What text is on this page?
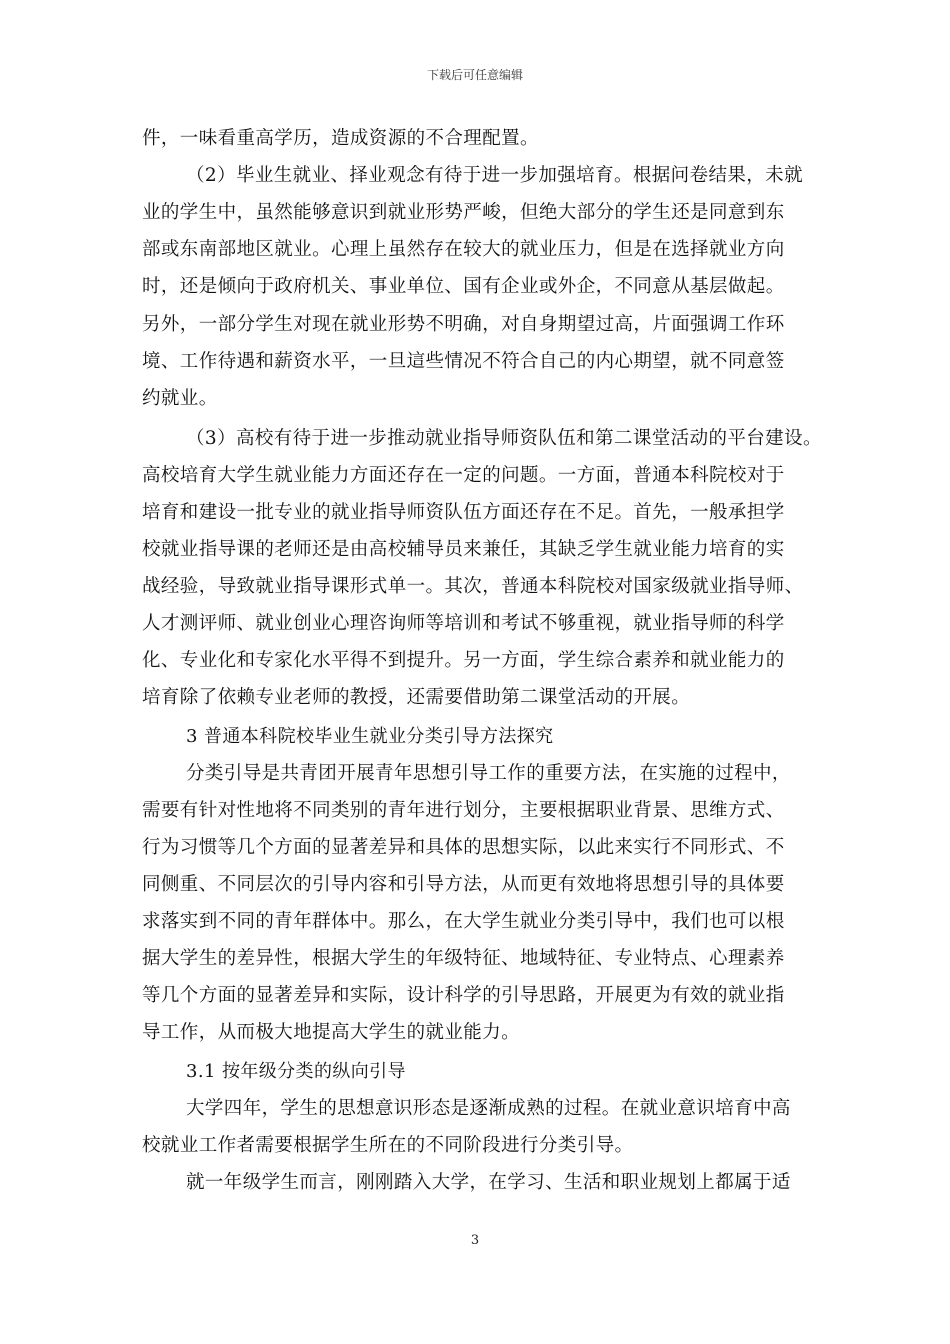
下载后可任意编辑
件，一味看重高学历，造成资源的不合理配置。
（2）毕业生就业、择业观念有待于进一步加强培育。根据问卷结果，未就
业的学生中，虽然能够意识到就业形势严峻，但绝大部分的学生还是同意到东
部或东南部地区就业。心理上虽然存在较大的就业压力，但是在选择就业方向
时，还是倾向于政府机关、事业单位、国有企业或外企，不同意从基层做起。
另外，一部分学生对现在就业形势不明确，对自身期望过高，片面强调工作环
境、工作待遇和薪资水平，一旦這些情况不符合自己的内心期望，就不同意签
约就业。
（3）高校有待于进一步推动就业指导师资队伍和第二课堂活动的平台建设。
高校培育大学生就业能力方面还存在一定的问题。一方面，普通本科院校对于
培育和建设一批专业的就业指导师资队伍方面还存在不足。首先，一般承担学
校就业指导课的老师还是由高校辅导员来兼任，其缺乏学生就业能力培育的实
战经验，导致就业指导课形式单一。其次，普通本科院校对国家级就业指导师、
人才测评师、就业创业心理咨询师等培训和考试不够重视，就业指导师的科学
化、专业化和专家化水平得不到提升。另一方面，学生综合素养和就业能力的
培育除了依赖专业老师的教授，还需要借助第二课堂活动的开展。
3 普通本科院校毕业生就业分类引导方法探究
分类引导是共青团开展青年思想引导工作的重要方法，在实施的过程中，
需要有针对性地将不同类别的青年进行划分，主要根据职业背景、思维方式、
行为习惯等几个方面的显著差异和具体的思想实际，以此来实行不同形式、不
同侧重、不同层次的引导内容和引导方法，从而更有效地将思想引导的具体要
求落实到不同的青年群体中。那么，在大学生就业分类引导中，我们也可以根
据大学生的差异性，根据大学生的年级特征、地域特征、专业特点、心理素养
等几个方面的显著差异和实际，设计科学的引导思路，开展更为有效的就业指
导工作，从而极大地提高大学生的就业能力。
3.1 按年级分类的纵向引导
大学四年，学生的思想意识形态是逐渐成熟的过程。在就业意识培育中高
校就业工作者需要根据学生所在的不同阶段进行分类引导。
就一年级学生而言，刚刚踏入大学，在学习、生活和职业规划上都属于适
3
